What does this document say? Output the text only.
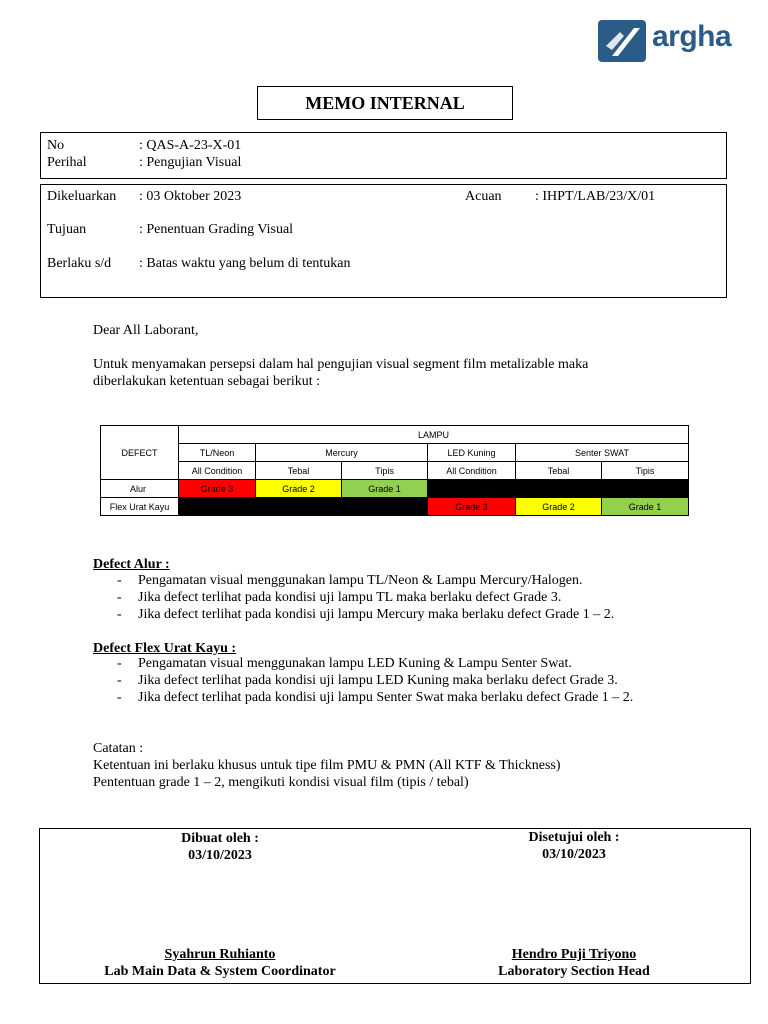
argha
MEMO INTERNAL
No	: QAS-A-23-X-01
Perihal	: Pengujian Visual
Dikeluarkan : 03 Oktober 2023	Acuan : IHPT/LAB/23/X/01
Tujuan	: Penentuan Grading Visual
Berlaku s/d : Batas waktu yang belum di tentukan
Dear All Laborant,
Untuk menyamakan persepsi dalam hal pengujian visual segment film metalizable maka
diberlakukan ketentuan sebagai berikut :
DEFECT	LAMPU					
	TL/Neon	Mercury		LED Kuning	Senter SWAT	
	All Condition	Tebal	Tipis	All Condition	Tebal	Tipis
Alur	Grade 3	Grade 2	Grade 1			
Flex Urat Kayu				Grade 3	Grade 2	Grade 1
Defect Alur :
- Pengamatan visual menggunakan lampu TL/Neon & Lampu Mercury/Halogen.
- Jika defect terlihat pada kondisi uji lampu TL maka berlaku defect Grade 3.
- Jika defect terlihat pada kondisi uji lampu Mercury maka berlaku defect Grade 1 – 2.
Defect Flex Urat Kayu :
- Pengamatan visual menggunakan lampu LED Kuning & Lampu Senter Swat.
- Jika defect terlihat pada kondisi uji lampu LED Kuning maka berlaku defect Grade 3.
- Jika defect terlihat pada kondisi uji lampu Senter Swat maka berlaku defect Grade 1 – 2.
Catatan :
Ketentuan ini berlaku khusus untuk tipe film PMU & PMN (All KTF & Thickness)
Pententuan grade 1 – 2, mengikuti kondisi visual film (tipis / tebal)
Dibuat oleh :
03/10/2023
Syahrun Ruhianto
Lab Main Data & System Coordinator
Disetujui oleh :
03/10/2023
Hendro Puji Triyono
Laboratory Section Head
